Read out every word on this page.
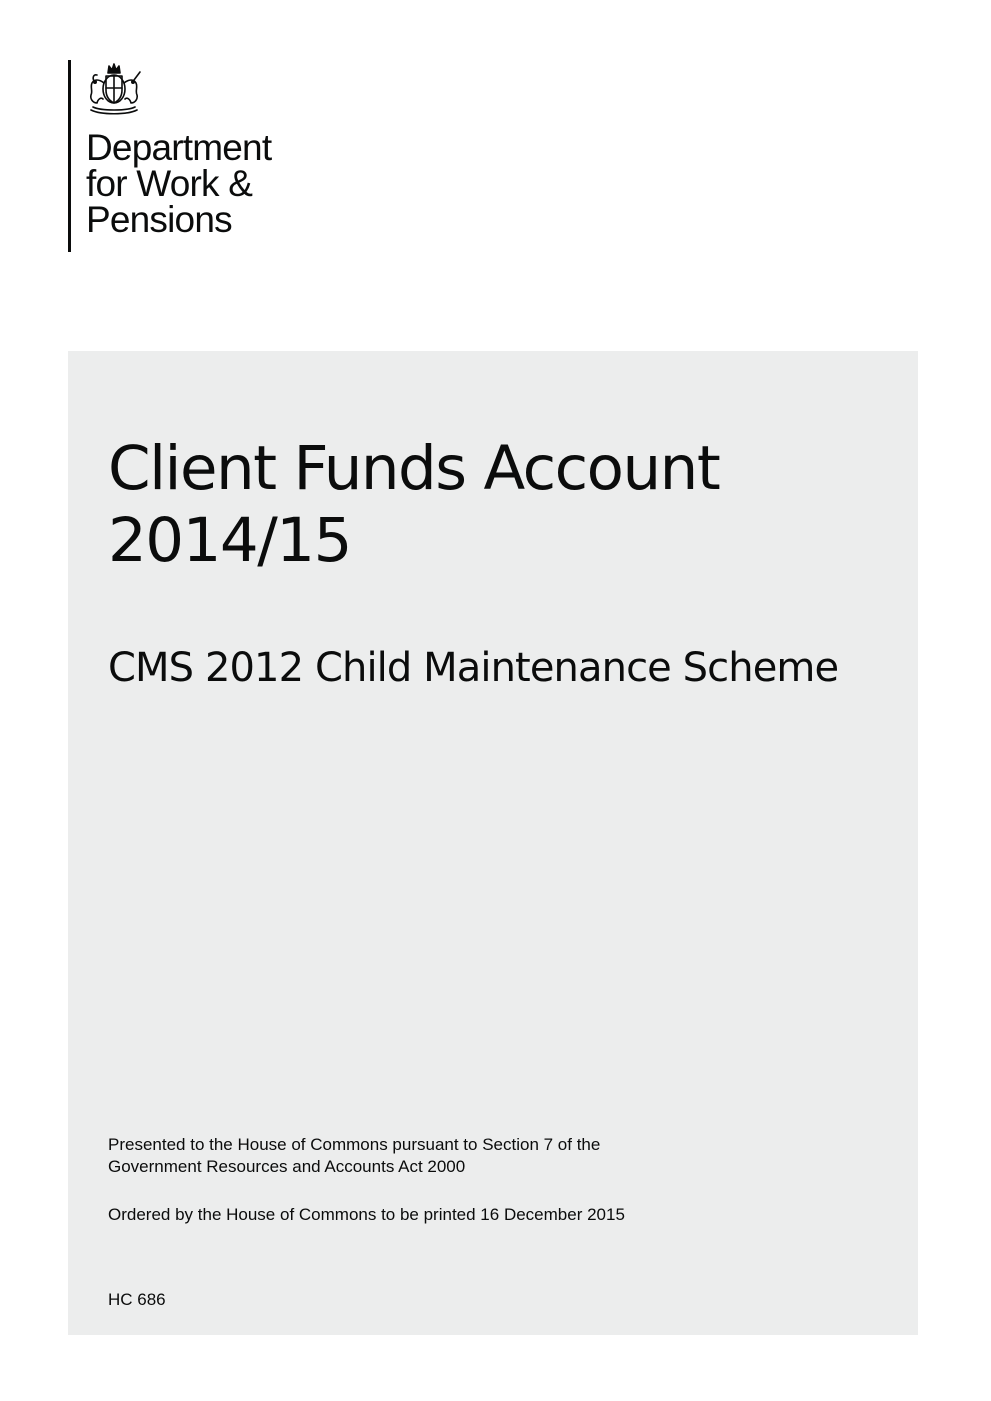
Department
for Work &
Pensions
Client Funds Account
2014/15
CMS 2012 Child Maintenance Scheme
Presented to the House of Commons pursuant to Section 7 of the
Government Resources and Accounts Act 2000
Ordered by the House of Commons to be printed 16 December 2015
HC 686
